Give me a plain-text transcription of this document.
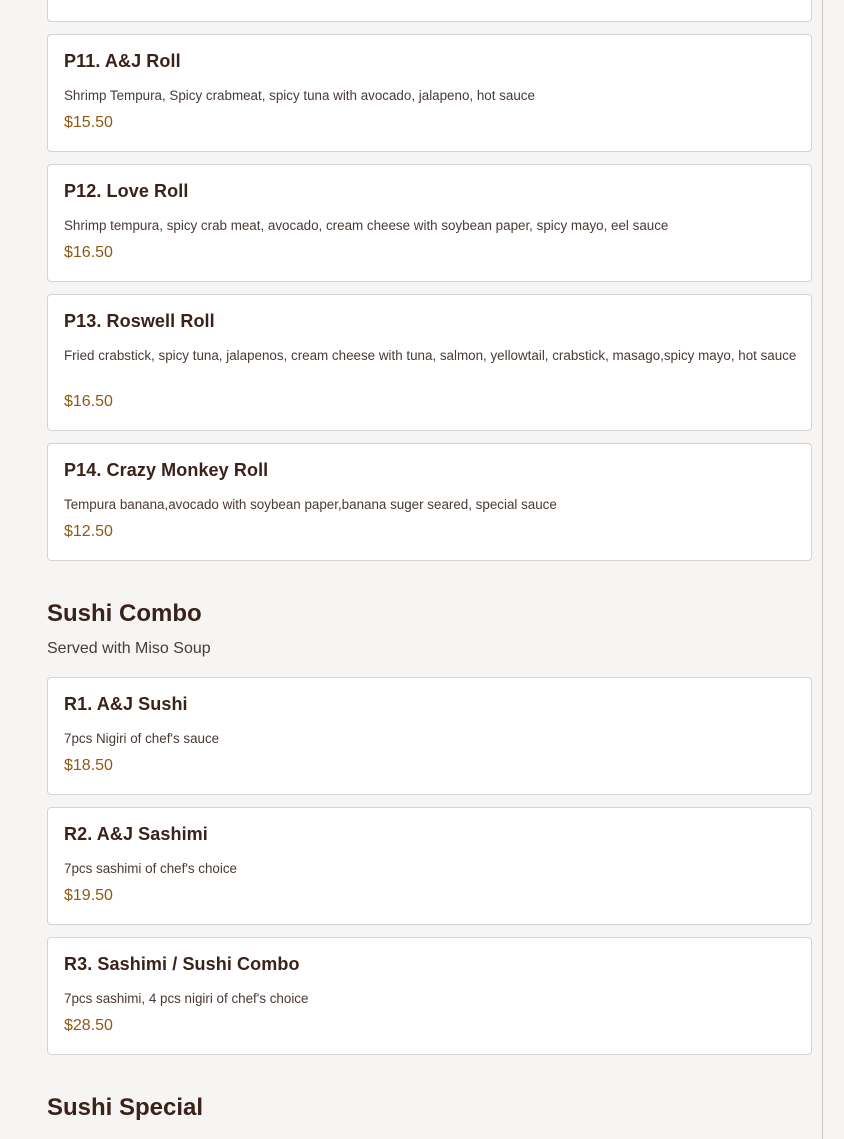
P11. A&J Roll
Shrimp Tempura, Spicy crabmeat, spicy tuna with avocado, jalapeno, hot sauce
$15.50
P12. Love Roll
Shrimp tempura, spicy crab meat, avocado, cream cheese with soybean paper, spicy mayo, eel sauce
$16.50
P13. Roswell Roll
Fried crabstick, spicy tuna, jalapenos, cream cheese with tuna, salmon, yellowtail, crabstick, masago,spicy mayo, hot sauce
$16.50
P14. Crazy Monkey Roll
Tempura banana,avocado with soybean paper,banana suger seared, special sauce
$12.50
Sushi Combo
Served with Miso Soup
R1. A&J Sushi
7pcs Nigiri of chef's sauce
$18.50
R2. A&J Sashimi
7pcs sashimi of chef's choice
$19.50
R3. Sashimi / Sushi Combo
7pcs sashimi, 4 pcs nigiri of chef's choice
$28.50
Sushi Special
